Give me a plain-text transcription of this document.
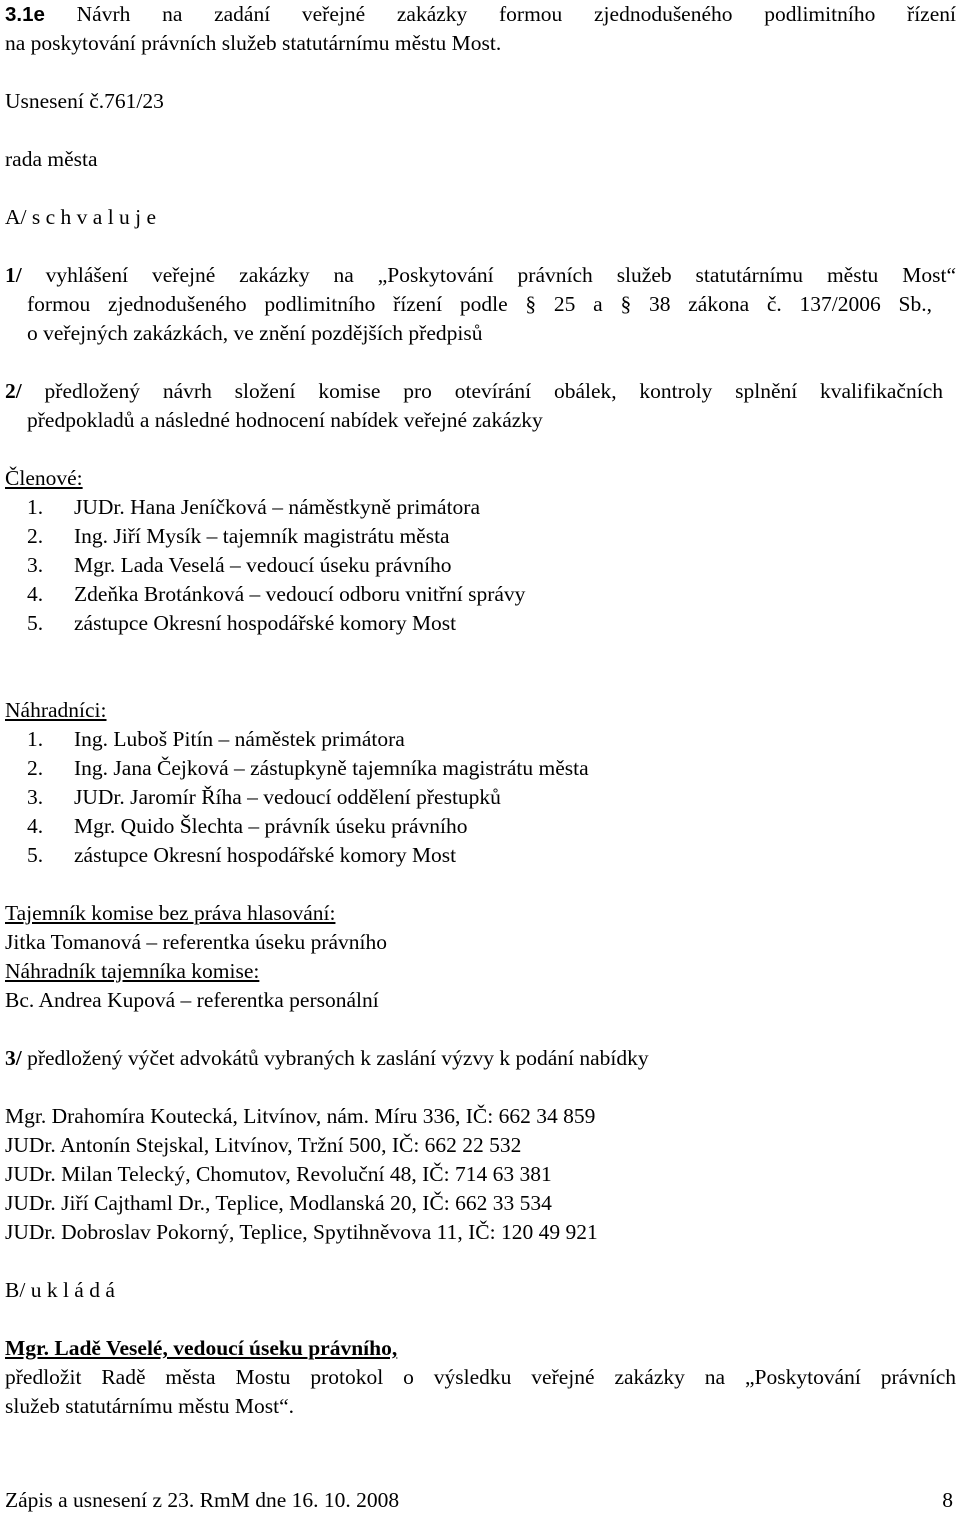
3.1e Návrh na zadání veřejné zakázky formou zjednodušeného podlimitního řízení
na poskytování právních služeb statutárnímu městu Most.
Usnesení č.761/23
rada města
A/ s c h v a l u j e
1/ vyhlášení veřejné zakázky na „Poskytování právních služeb statutárnímu městu Most“
formou zjednodušeného podlimitního řízení podle § 25 a § 38 zákona č. 137/2006 Sb.,
o veřejných zakázkách, ve znění pozdějších předpisů
2/ předložený návrh složení komise pro otevírání obálek, kontroly splnění kvalifikačních
předpokladů a následné hodnocení nabídek veřejné zakázky
Členové:
1. JUDr. Hana Jeníčková – náměstkyně primátora
2. Ing. Jiří Mysík – tajemník magistrátu města
3. Mgr. Lada Veselá – vedoucí úseku právního
4. Zdeňka Brotánková – vedoucí odboru vnitřní správy
5. zástupce Okresní hospodářské komory Most
Náhradníci:
1. Ing. Luboš Pitín – náměstek primátora
2. Ing. Jana Čejková – zástupkyně tajemníka magistrátu města
3. JUDr. Jaromír Říha – vedoucí oddělení přestupků
4. Mgr. Quido Šlechta – právník úseku právního
5. zástupce Okresní hospodářské komory Most
Tajemník komise bez práva hlasování:
Jitka Tomanová – referentka úseku právního
Náhradník tajemníka komise:
Bc. Andrea Kupová – referentka personální
3/ předložený výčet advokátů vybraných k zaslání výzvy k podání nabídky
Mgr. Drahomíra Koutecká, Litvínov, nám. Míru 336, IČ: 662 34 859
JUDr. Antonín Stejskal, Litvínov, Tržní 500, IČ: 662 22 532
JUDr. Milan Telecký, Chomutov, Revoluční 48, IČ: 714 63 381
JUDr. Jiří Cajthaml Dr., Teplice, Modlanská 20, IČ: 662 33 534
JUDr. Dobroslav Pokorný, Teplice, Spytihněvova 11, IČ: 120 49 921
B/ u k l á d á
Mgr. Ladě Veselé, vedoucí úseku právního,
předložit Radě města Mostu protokol o výsledku veřejné zakázky na „Poskytování právních
služeb statutárnímu městu Most“.
Zápis a usnesení z 23. RmM dne 16. 10. 2008	8
